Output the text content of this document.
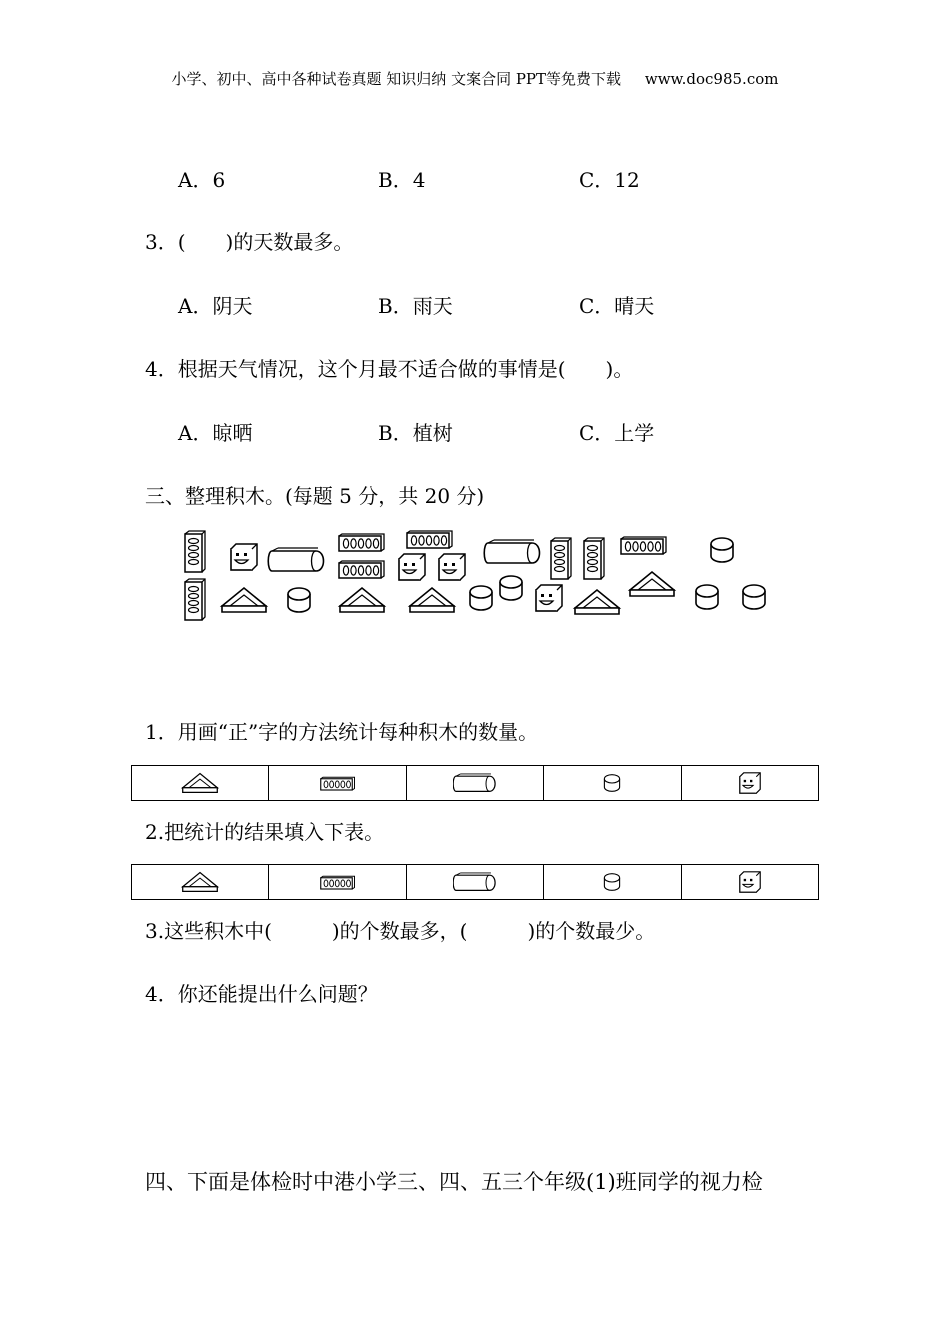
小学、初中、高中各种试卷真题 知识归纳 文案合同 PPT等免费下载 www.doc985.com
A．6	B．4	C．12
3．(　　)的天数最多。
A．阴天	B．雨天	C．晴天
4．根据天气情况，这个月最不适合做的事情是(　　)。
A．晾晒	B．植树	C．上学
三、整理积木。(每题 5 分，共 20 分)
1．用画“正”字的方法统计每种积木的数量。

2.把统计的结果填入下表。

3.这些积木中(　　　)的个数最多，(　　　)的个数最少。
4．你还能提出什么问题？
四、下面是体检时中港小学三、四、五三个年级(1)班同学的视力检
